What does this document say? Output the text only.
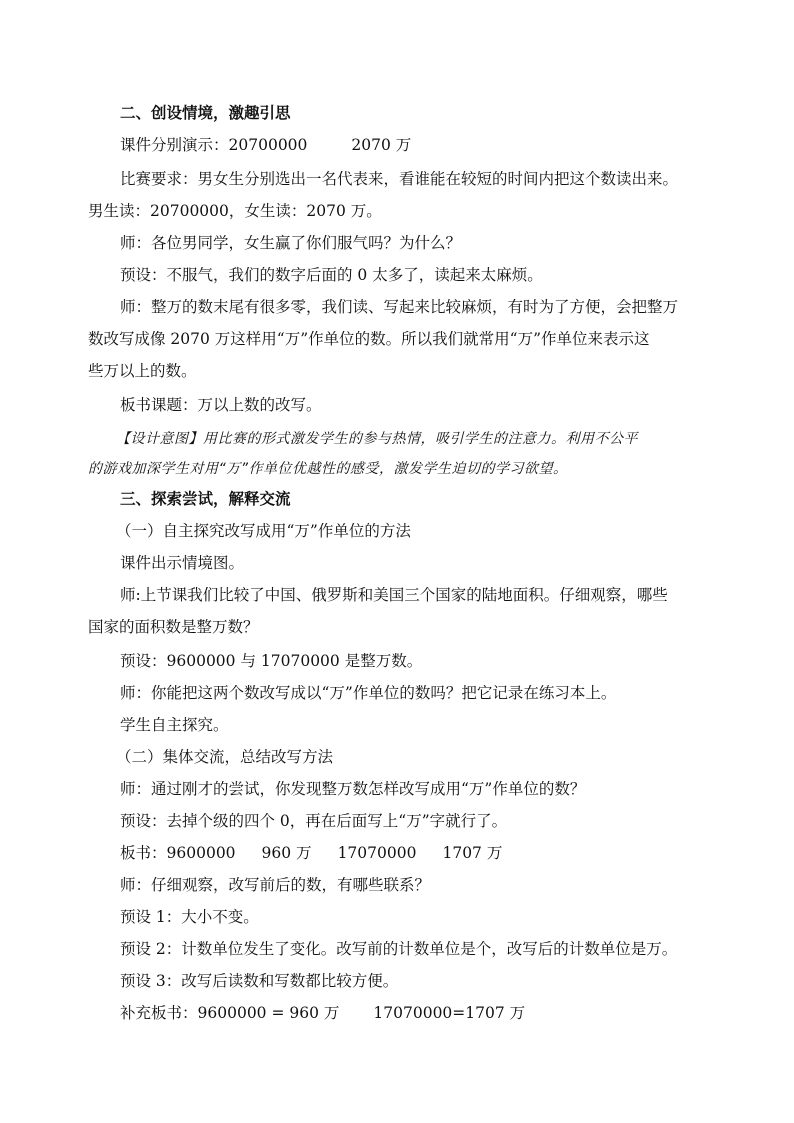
二、创设情境，激趣引思
课件分别演示：20700000	2070 万
比赛要求：男女生分别选出一名代表来，看谁能在较短的时间内把这个数读出来。
男生读：20700000，女生读：2070 万。
师：各位男同学，女生赢了你们服气吗？为什么？
预设：不服气，我们的数字后面的 0 太多了，读起来太麻烦。
师：整万的数末尾有很多零，我们读、写起来比较麻烦，有时为了方便，会把整万
数改写成像 2070 万这样用“万”作单位的数。所以我们就常用“万”作单位来表示这
些万以上的数。
板书课题：万以上数的改写。
【设计意图】用比赛的形式激发学生的参与热情，吸引学生的注意力。利用不公平
的游戏加深学生对用“万”作单位优越性的感受，激发学生迫切的学习欲望。
三、探索尝试，解释交流
（一）自主探究改写成用“万”作单位的方法
课件出示情境图。
师:上节课我们比较了中国、俄罗斯和美国三个国家的陆地面积。仔细观察，哪些
国家的面积数是整万数？
预设：9600000 与 17070000 是整万数。
师：你能把这两个数改写成以“万”作单位的数吗？把它记录在练习本上。
学生自主探究。
（二）集体交流，总结改写方法
师：通过刚才的尝试，你发现整万数怎样改写成用“万”作单位的数？
预设：去掉个级的四个 0，再在后面写上“万”字就行了。
板书：9600000 960 万 17070000 1707 万
师：仔细观察，改写前后的数，有哪些联系？
预设 1：大小不变。
预设 2：计数单位发生了变化。改写前的计数单位是个，改写后的计数单位是万。
预设 3：改写后读数和写数都比较方便。
补充板书：9600000 = 960 万 17070000=1707 万
